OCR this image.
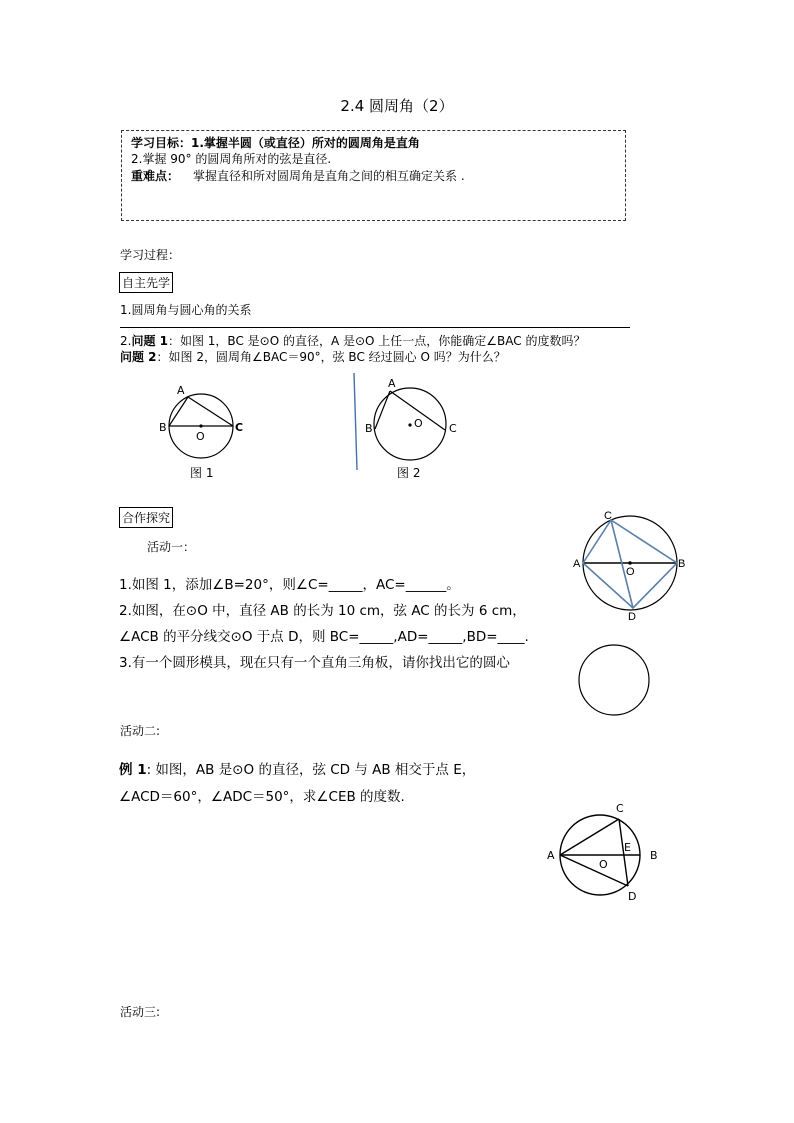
2.4 圆周角（2）
学习目标：1.掌握半圆（或直径）所对的圆周角是直角
2.掌握 90° 的圆周角所对的弦是直径.
重难点： 掌握直径和所对圆周角是直角之间的相互确定关系 .
学习过程：
自主先学
1.圆周角与圆心角的关系
2.问题 1：如图 1，BC 是⊙O 的直径，A 是⊙O 上任一点，你能确定∠BAC 的度数吗？
问题 2：如图 2，圆周角∠BAC＝90°，弦 BC 经过圆心 O 吗？为什么？
A
B
O
C
图 1
A
B	O C
图 2
合作探究
活动一：
1.如图 1，添加∠B=20°，则∠C=_____，AC=______。
2.如图，在⊙O 中，直径 AB 的长为 10 cm，弦 AC 的长为 6 cm，
∠ACB 的平分线交⊙O 于点 D，则 BC=_____,AD=_____,BD=____.
3.有一个圆形模具，现在只有一个直角三角板，请你找出它的圆心
C
A
O
B
D
活动二:
例 1: 如图，AB 是⊙O 的直径，弦 CD 与 AB 相交于点 E，
∠ACD＝60°，∠ADC＝50°，求∠CEB 的度数.
C
A
E
B
O
D
活动三:
